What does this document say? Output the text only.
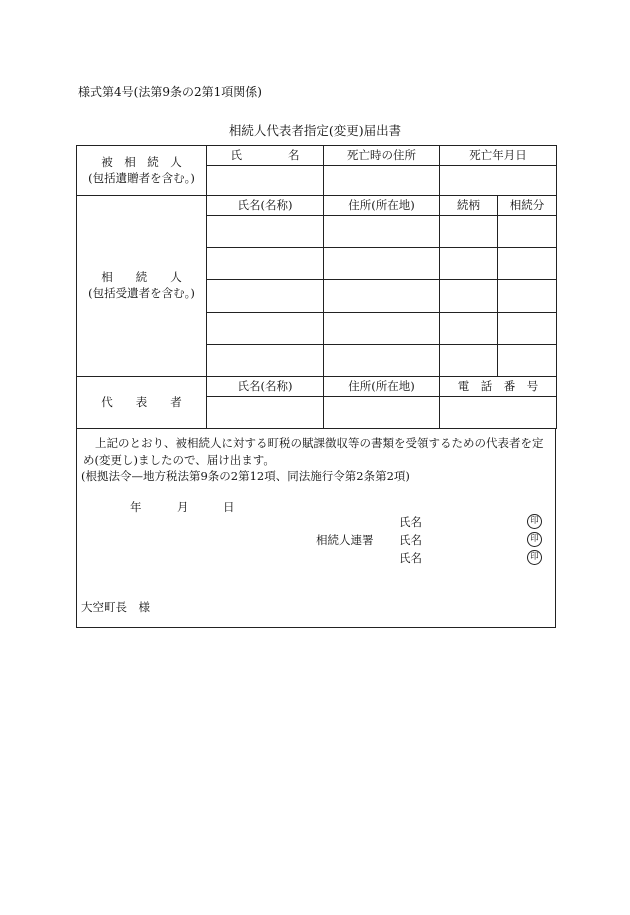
様式第4号(法第9条の2第1項関係)
相続人代表者指定(変更)届出書
被　相　続　人
(包括遺贈者を含む。)	氏　　　　名	死亡時の住所	死亡年月日	

相　　続　　人
(包括受遺者を含む。)	氏名(名称)	住所(所在地)	続柄	相続分

代　　表　　者	氏名(名称)	住所(所在地)	電　話　番　号	

上記のとおり、被相続人に対する町税の賦課徴収等の書類を受領するための代表者を定め(変更し)ましたので、届け出ます。

(根拠法令—地方税法第9条の2第12項、同法施行令第2条第2項)
年	月	日
氏名	印
相続人連署 氏名	印
氏名	印
大空町長　様
